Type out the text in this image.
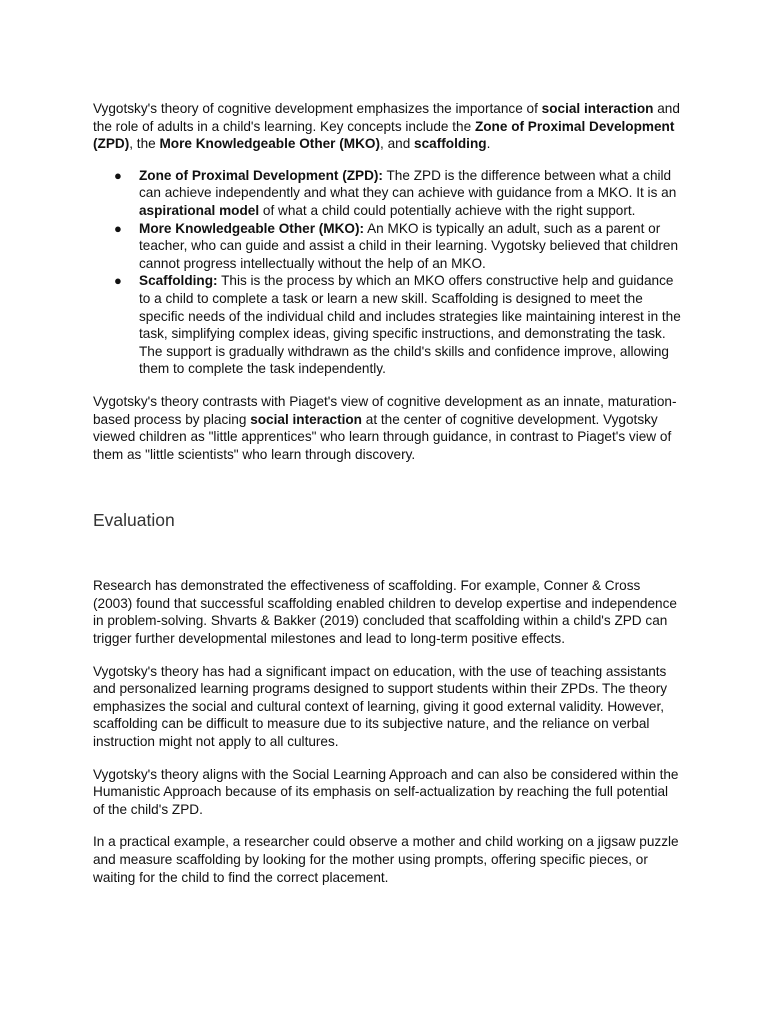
Vygotsky's theory of cognitive development emphasizes the importance of social interaction and the role of adults in a child's learning. Key concepts include the Zone of Proximal Development (ZPD), the More Knowledgeable Other (MKO), and scaffolding.

● Zone of Proximal Development (ZPD): The ZPD is the difference between what a child can achieve independently and what they can achieve with guidance from a MKO. It is an aspirational model of what a child could potentially achieve with the right support.
● More Knowledgeable Other (MKO): An MKO is typically an adult, such as a parent or teacher, who can guide and assist a child in their learning. Vygotsky believed that children cannot progress intellectually without the help of an MKO.
● Scaffolding: This is the process by which an MKO offers constructive help and guidance to a child to complete a task or learn a new skill. Scaffolding is designed to meet the specific needs of the individual child and includes strategies like maintaining interest in the task, simplifying complex ideas, giving specific instructions, and demonstrating the task. The support is gradually withdrawn as the child's skills and confidence improve, allowing them to complete the task independently.

Vygotsky's theory contrasts with Piaget's view of cognitive development as an innate, maturation-based process by placing social interaction at the center of cognitive development. Vygotsky viewed children as "little apprentices" who learn through guidance, in contrast to Piaget's view of them as "little scientists" who learn through discovery.

Evaluation

Research has demonstrated the effectiveness of scaffolding. For example, Conner & Cross (2003) found that successful scaffolding enabled children to develop expertise and independence in problem-solving. Shvarts & Bakker (2019) concluded that scaffolding within a child's ZPD can trigger further developmental milestones and lead to long-term positive effects.

Vygotsky's theory has had a significant impact on education, with the use of teaching assistants and personalized learning programs designed to support students within their ZPDs. The theory emphasizes the social and cultural context of learning, giving it good external validity. However, scaffolding can be difficult to measure due to its subjective nature, and the reliance on verbal instruction might not apply to all cultures.

Vygotsky's theory aligns with the Social Learning Approach and can also be considered within the Humanistic Approach because of its emphasis on self-actualization by reaching the full potential of the child's ZPD.

In a practical example, a researcher could observe a mother and child working on a jigsaw puzzle and measure scaffolding by looking for the mother using prompts, offering specific pieces, or waiting for the child to find the correct placement.
